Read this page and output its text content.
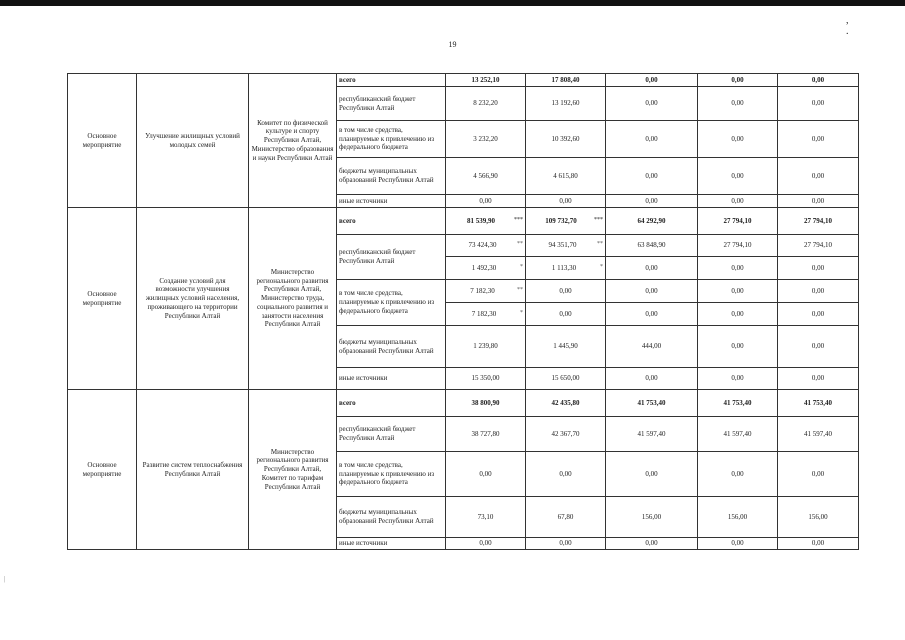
, .
19
|
Основное мероприятие	Улучшение жилищных условий молодых семей	Комитет по физической культуре и спорту Республики Алтай, Министерство образования и науки Республики Алтай	всего	13 252,10	17 808,40	0,00	0,00	0,00
			республиканский бюджет Республики Алтай	8 232,20	13 192,60	0,00	0,00	0,00
			в том числе средства, планируемые к привлечению из федерального бюджета	3 232,20	10 392,60	0,00	0,00	0,00
			бюджеты муниципальных образований Республики Алтай	4 566,90	4 615,80	0,00	0,00	0,00
			иные источники	0,00	0,00	0,00	0,00	0,00
Основное мероприятие	Создание условий для возможности улучшения жилищных условий населения, проживающего на территории Республики Алтай	Министерство регионального развития Республики Алтай, Министерство труда, социального развития и занятости населения Республики Алтай	всего	81 539,90 ***	109 732,70 ***	64 292,90	27 794,10	27 794,10
			республиканский бюджет Республики Алтай	73 424,30 **	94 351,70 **	63 848,90	27 794,10	27 794,10
				1 492,30 *	1 113,30 *	0,00	0,00	0,00
			в том числе средства, планируемые к привлечению из федерального бюджета	7 182,30 **	0,00	0,00	0,00	0,00
				7 182,30 *	0,00	0,00	0,00	0,00
			бюджеты муниципальных образований Республики Алтай	1 239,80	1 445,90	444,00	0,00	0,00
			иные источники	15 350,00	15 650,00	0,00	0,00	0,00
Основное мероприятие	Развитие систем теплоснабжения Республики Алтай	Министерство регионального развития Республики Алтай, Комитет по тарифам Республики Алтай	всего	38 800,90	42 435,80	41 753,40	41 753,40	41 753,40
			республиканский бюджет Республики Алтай	38 727,80	42 367,70	41 597,40	41 597,40	41 597,40
			в том числе средства, планируемые к привлечению из федерального бюджета	0,00	0,00	0,00	0,00	0,00
			бюджеты муниципальных образований Республики Алтай	73,10	67,80	156,00	156,00	156,00
			иные источники	0,00	0,00	0,00	0,00	0,00
